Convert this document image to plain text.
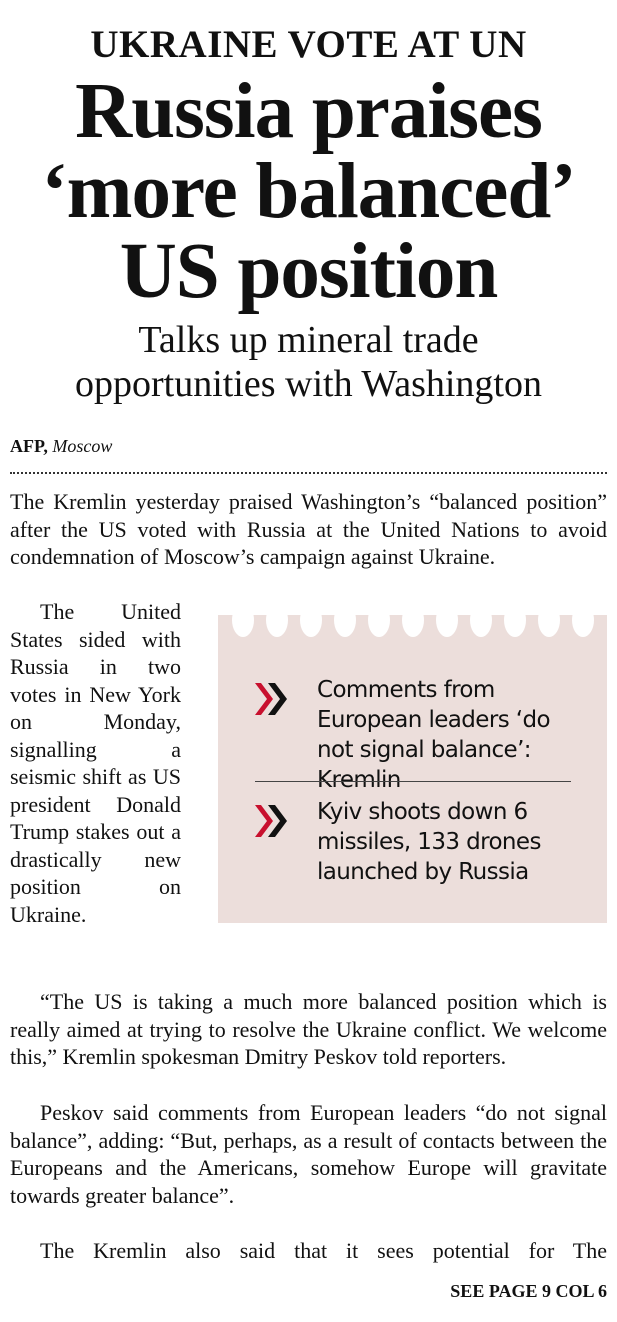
UKRAINE VOTE AT UN
Russia praises
‘more balanced’
US position
Talks up mineral trade
opportunities with Washington
AFP, Moscow

The Kremlin yesterday praised Washington’s “balanced position” after the US voted with Russia at the United Nations to avoid condemnation of Moscow’s campaign against Ukraine.

The United States sided with Russia in two votes in New York on Monday, signalling a seismic shift as US president Donald Trump stakes out a drastically new position on Ukraine.

Comments from European leaders ‘do not signal balance’: Kremlin
Kyiv shoots down 6 missiles, 133 drones launched by Russia

“The US is taking a much more balanced position which is really aimed at trying to resolve the Ukraine conflict. We welcome this,” Kremlin spokesman Dmitry Peskov told reporters.

Peskov said comments from European leaders “do not signal balance”, adding: “But, perhaps, as a result of contacts between the Europeans and the Americans, somehow Europe will gravitate towards greater balance”.

The Kremlin also said that it sees potential for The

SEE PAGE 9 COL 6
